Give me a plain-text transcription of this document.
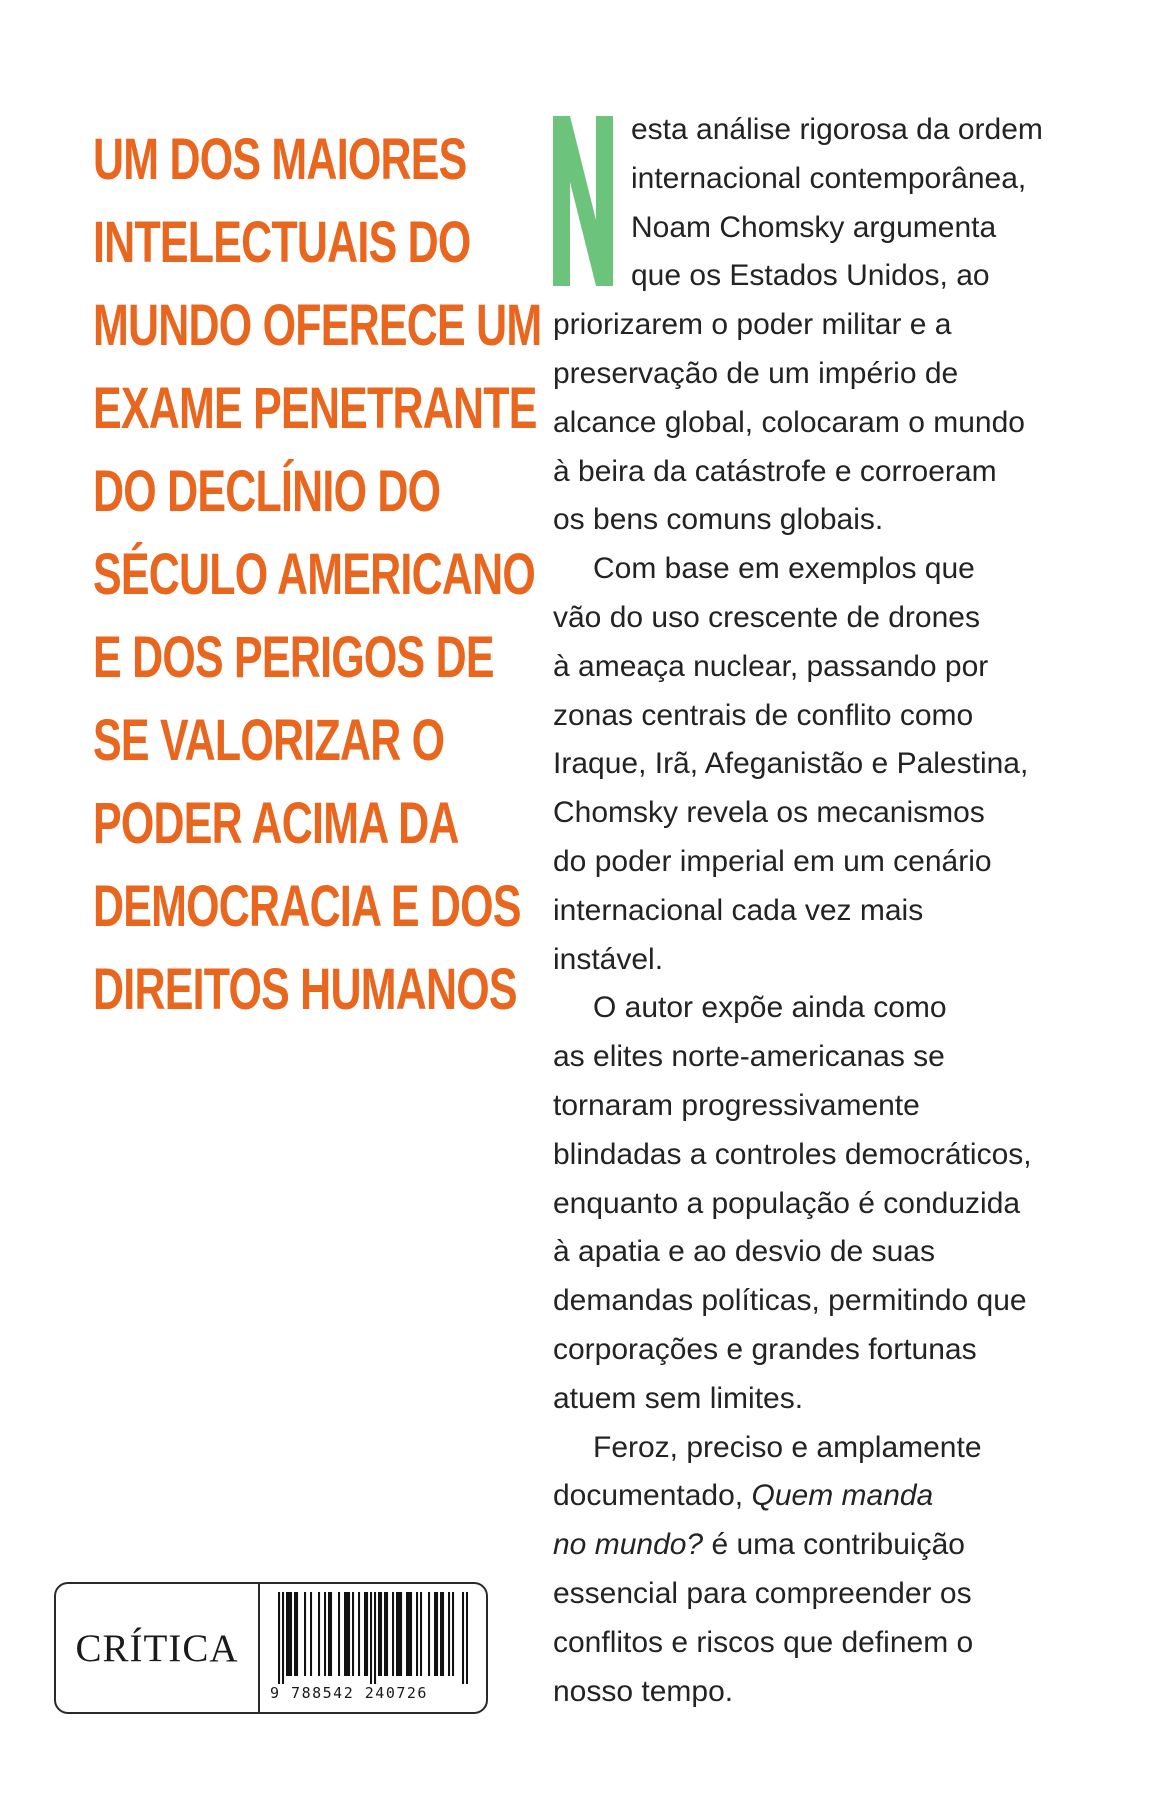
UM DOS MAIORES
INTELECTUAIS DO
MUNDO OFERECE UM
EXAME PENETRANTE
DO DECLÍNIO DO
SÉCULO AMERICANO
E DOS PERIGOS DE
SE VALORIZAR O
PODER ACIMA DA
DEMOCRACIA E DOS
DIREITOS HUMANOS

esta análise rigorosa da ordem
internacional contemporânea,
Noam Chomsky argumenta
que os Estados Unidos, ao
priorizarem o poder militar e a
preservação de um império de
alcance global, colocaram o mundo
à beira da catástrofe e corroeram
os bens comuns globais.

Com base em exemplos que
vão do uso crescente de drones
à ameaça nuclear, passando por
zonas centrais de conflito como
Iraque, Irã, Afeganistão e Palestina,
Chomsky revela os mecanismos
do poder imperial em um cenário
internacional cada vez mais
instável.

O autor expõe ainda como
as elites norte-americanas se
tornaram progressivamente
blindadas a controles democráticos,
enquanto a população é conduzida
à apatia e ao desvio de suas
demandas políticas, permitindo que
corporações e grandes fortunas
atuem sem limites.

Feroz, preciso e amplamente
documentado, Quem manda
no mundo? é uma contribuição
essencial para compreender os
conflitos e riscos que definem o
nosso tempo.

CRÍTICA
9 788542 240726
